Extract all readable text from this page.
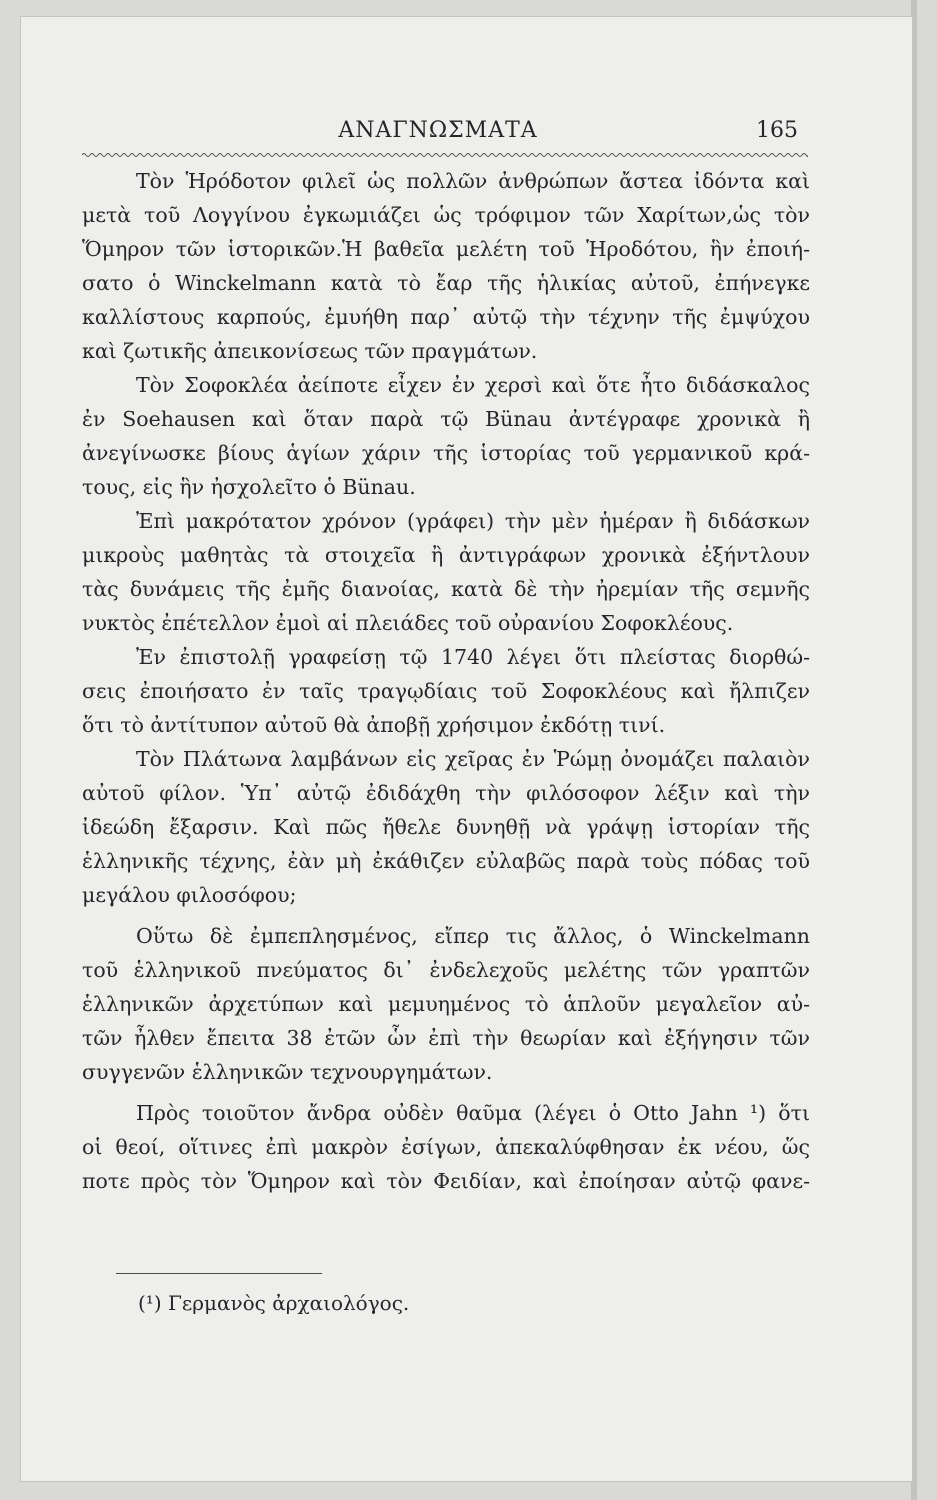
ΑΝΑΓΝΩΣΜΑΤΑ	165
Τὸν Ἡρόδοτον φιλεῖ ὡς πολλῶν ἀνθρώπων ἄστεα ἰδόντα καὶ
μετὰ τοῦ Λογγίνου ἐγκωμιάζει ὡς τρόφιμον τῶν Χαρίτων,ὡς τὸν
Ὅμηρον τῶν ἱστορικῶν.Ἡ βαθεῖα μελέτη τοῦ Ἡροδότου, ἣν ἐποιή-
σατο ὁ Winckelmann κατὰ τὸ ἔαρ τῆς ἡλικίας αὐτοῦ, ἐπήνεγκε
καλλίστους καρπούς, ἐμυήθη παρ᾽ αὐτῷ τὴν τέχνην τῆς ἐμψύχου
καὶ ζωτικῆς ἀπεικονίσεως τῶν πραγμάτων.
Τὸν Σοφοκλέα ἀείποτε εἶχεν ἐν χερσὶ καὶ ὅτε ἦτο διδάσκαλος
ἐν Soehausen καὶ ὅταν παρὰ τῷ Bünau ἀντέγραφε χρονικὰ ἢ
ἀνεγίνωσκε βίους ἁγίων χάριν τῆς ἱστορίας τοῦ γερμανικοῦ κρά-
τους, εἰς ἣν ἠσχολεῖτο ὁ Bünau.
Ἐπὶ μακρότατον χρόνον (γράφει) τὴν μὲν ἡμέραν ἢ διδάσκων
μικροὺς μαθητὰς τὰ στοιχεῖα ἢ ἀντιγράφων χρονικὰ ἐξήντλουν
τὰς δυνάμεις τῆς ἐμῆς διανοίας, κατὰ δὲ τὴν ἠρεμίαν τῆς σεμνῆς
νυκτὸς ἐπέτελλον ἐμοὶ αἱ πλειάδες τοῦ οὐρανίου Σοφοκλέους.
Ἐν ἐπιστολῇ γραφείσῃ τῷ 1740 λέγει ὅτι πλείστας διορθώ-
σεις ἐποιήσατο ἐν ταῖς τραγῳδίαις τοῦ Σοφοκλέους καὶ ἤλπιζεν
ὅτι τὸ ἀντίτυπον αὐτοῦ θὰ ἀποβῇ χρήσιμον ἐκδότῃ τινί.
Τὸν Πλάτωνα λαμβάνων εἰς χεῖρας ἐν Ῥώμῃ ὀνομάζει παλαιὸν
αὐτοῦ φίλον. Ὑπ᾽ αὐτῷ ἐδιδάχθη τὴν φιλόσοφον λέξιν καὶ τὴν
ἰδεώδη ἔξαρσιν. Καὶ πῶς ἤθελε δυνηθῇ νὰ γράψῃ ἱστορίαν τῆς
ἑλληνικῆς τέχνης, ἐὰν μὴ ἐκάθιζεν εὐλαβῶς παρὰ τοὺς πόδας τοῦ
μεγάλου φιλοσόφου;
Οὕτω δὲ ἐμπεπλησμένος, εἴπερ τις ἄλλος, ὁ Winckelmann
τοῦ ἑλληνικοῦ πνεύματος δι᾽ ἐνδελεχοῦς μελέτης τῶν γραπτῶν
ἑλληνικῶν ἀρχετύπων καὶ μεμυημένος τὸ ἁπλοῦν μεγαλεῖον αὐ-
τῶν ἦλθεν ἔπειτα 38 ἐτῶν ὧν ἐπὶ τὴν θεωρίαν καὶ ἐξήγησιν τῶν
συγγενῶν ἑλληνικῶν τεχνουργημάτων.
Πρὸς τοιοῦτον ἄνδρα οὐδὲν θαῦμα (λέγει ὁ Otto Jahn ¹) ὅτι
οἱ θεοί, οἵτινες ἐπὶ μακρὸν ἐσίγων, ἀπεκαλύφθησαν ἐκ νέου, ὥς
ποτε πρὸς τὸν Ὅμηρον καὶ τὸν Φειδίαν, καὶ ἐποίησαν αὐτῷ φανε-
(¹) Γερμανὸς ἀρχαιολόγος.
